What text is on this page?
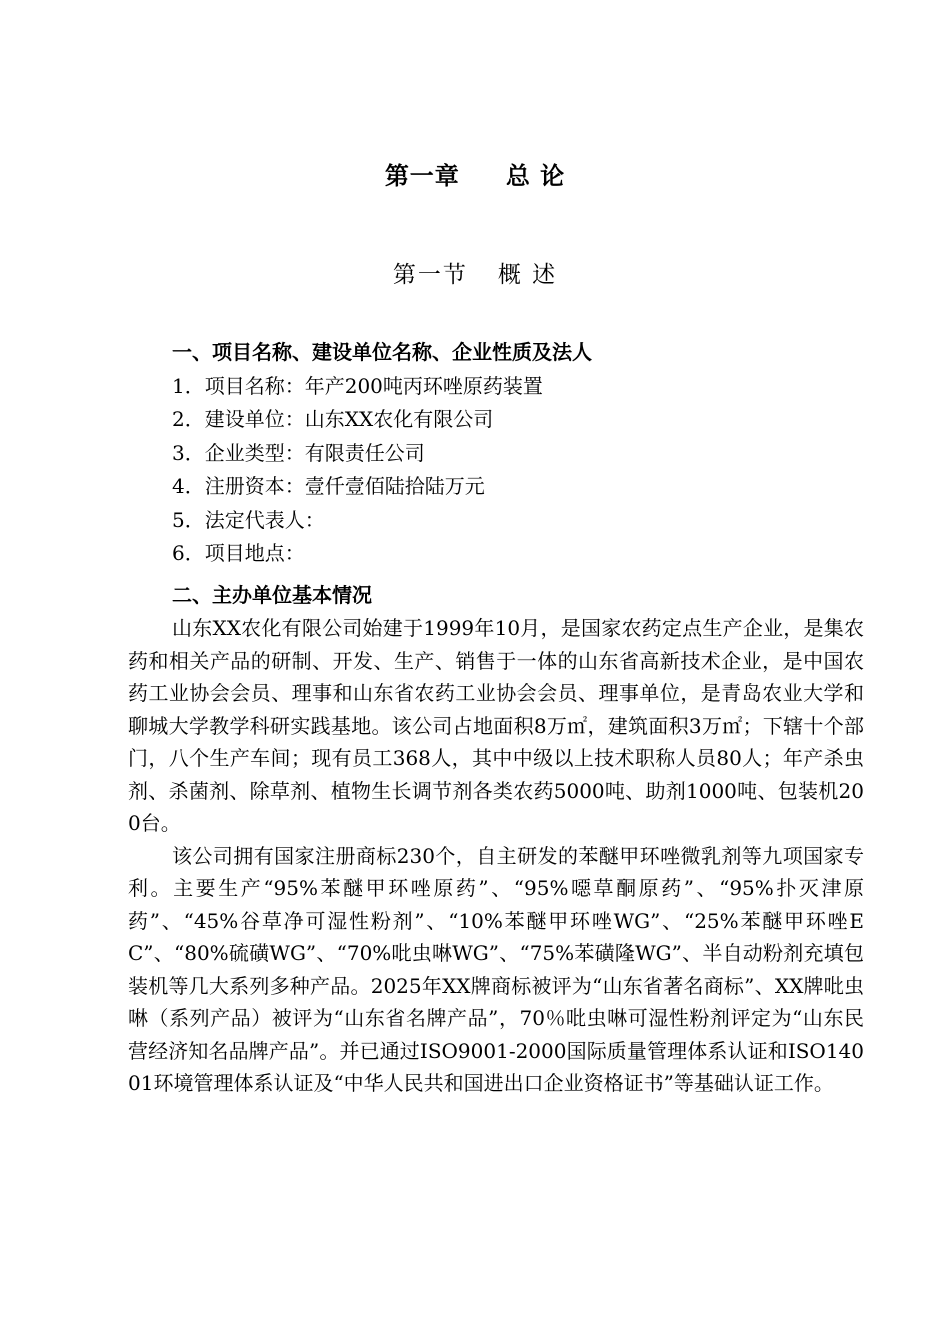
第一章 总 论
第一节 概 述
一、项目名称、建设单位名称、企业性质及法人
1．项目名称：年产200吨丙环唑原药装置
2．建设单位：山东XX农化有限公司
3．企业类型：有限责任公司
4．注册资本：壹仟壹佰陆拾陆万元
5．法定代表人：
6．项目地点：
二、主办单位基本情况

山东XX农化有限公司始建于1999年10月，是国家农药定点生产企业，是集农药和相关产品的研制、开发、生产、销售于一体的山东省高新技术企业，是中国农药工业协会会员、理事和山东省农药工业协会会员、理事单位，是青岛农业大学和聊城大学教学科研实践基地。该公司占地面积8万㎡，建筑面积3万㎡；下辖十个部门，八个生产车间；现有员工368人，其中中级以上技术职称人员80人；年产杀虫剂、杀菌剂、除草剂、植物生长调节剂各类农药5000吨、助剂1000吨、包装机200台。

该公司拥有国家注册商标230个，自主研发的苯醚甲环唑微乳剂等九项国家专利。主要生产“95%苯醚甲环唑原药”、“95%噁草酮原药”、“95%扑灭津原药”、“45%谷草净可湿性粉剂”、“10%苯醚甲环唑WG”、“25%苯醚甲环唑EC”、“80%硫磺WG”、“70%吡虫啉WG”、“75%苯磺隆WG”、半自动粉剂充填包装机等几大系列多种产品。2025年XX牌商标被评为“山东省著名商标”、XX牌吡虫啉（系列产品）被评为“山东省名牌产品”，70％吡虫啉可湿性粉剂评定为“山东民营经济知名品牌产品”。并已通过ISO9001-2000国际质量管理体系认证和ISO14001环境管理体系认证及“中华人民共和国进出口企业资格证书”等基础认证工作。
